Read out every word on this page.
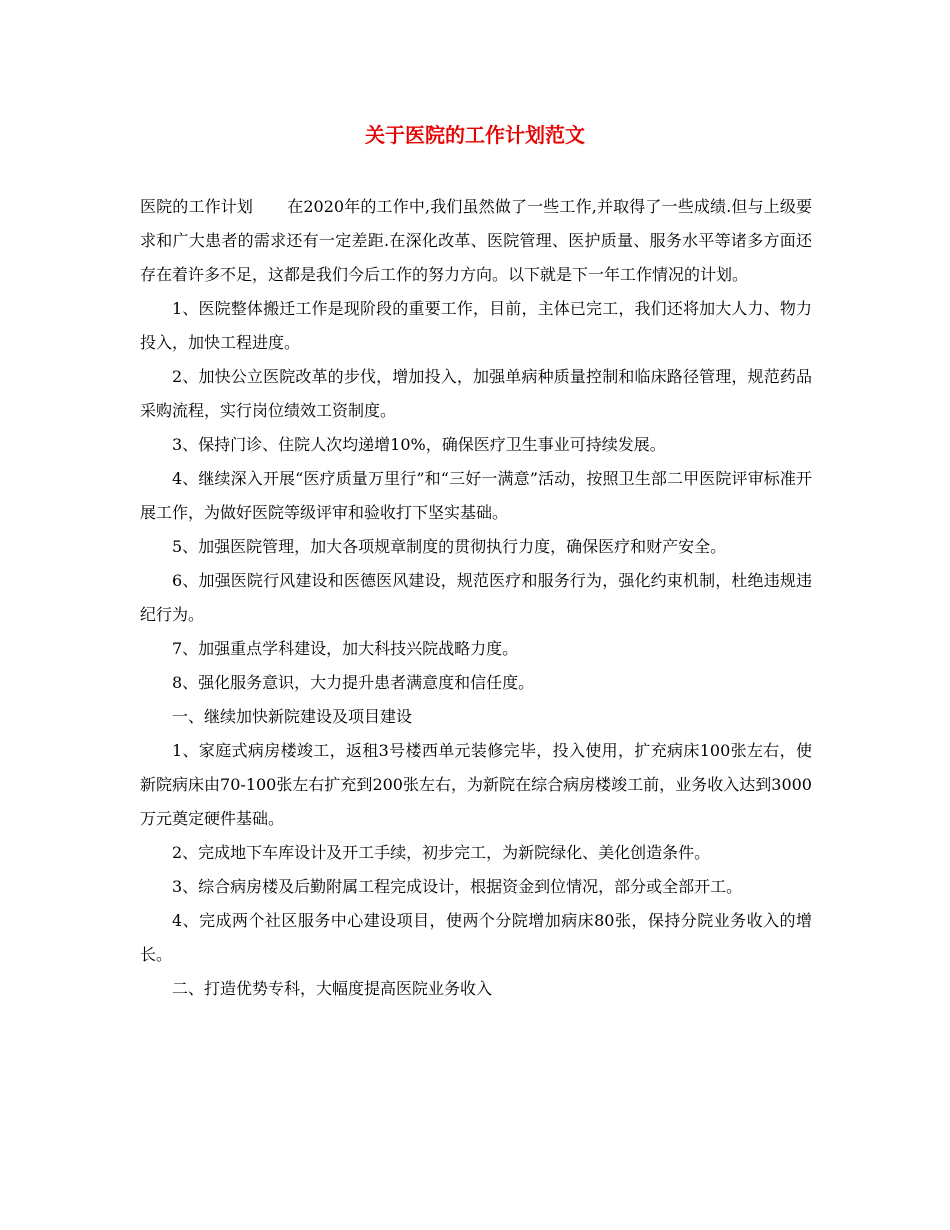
关于医院的工作计划范文

医院的工作计划 在2020年的工作中,我们虽然做了一些工作,并取得了一些成绩.但与上级要求和广大患者的需求还有一定差距.在深化改革、医院管理、医护质量、服务水平等诸多方面还存在着许多不足，这都是我们今后工作的努力方向。以下就是下一年工作情况的计划。

1、医院整体搬迁工作是现阶段的重要工作，目前，主体已完工，我们还将加大人力、物力投入，加快工程进度。

2、加快公立医院改革的步伐，增加投入，加强单病种质量控制和临床路径管理，规范药品采购流程，实行岗位绩效工资制度。

3、保持门诊、住院人次均递增10%，确保医疗卫生事业可持续发展。

4、继续深入开展“医疗质量万里行”和“三好一满意”活动，按照卫生部二甲医院评审标准开展工作，为做好医院等级评审和验收打下坚实基础。

5、加强医院管理，加大各项规章制度的贯彻执行力度，确保医疗和财产安全。

6、加强医院行风建设和医德医风建设，规范医疗和服务行为，强化约束机制，杜绝违规违纪行为。

7、加强重点学科建设，加大科技兴院战略力度。

8、强化服务意识，大力提升患者满意度和信任度。

一、继续加快新院建设及项目建设

1、家庭式病房楼竣工，返租3号楼西单元装修完毕，投入使用，扩充病床100张左右，使新院病床由70-100张左右扩充到200张左右，为新院在综合病房楼竣工前，业务收入达到3000万元奠定硬件基础。

2、完成地下车库设计及开工手续，初步完工，为新院绿化、美化创造条件。

3、综合病房楼及后勤附属工程完成设计，根据资金到位情况，部分或全部开工。

4、完成两个社区服务中心建设项目，使两个分院增加病床80张，保持分院业务收入的增长。

二、打造优势专科，大幅度提高医院业务收入
